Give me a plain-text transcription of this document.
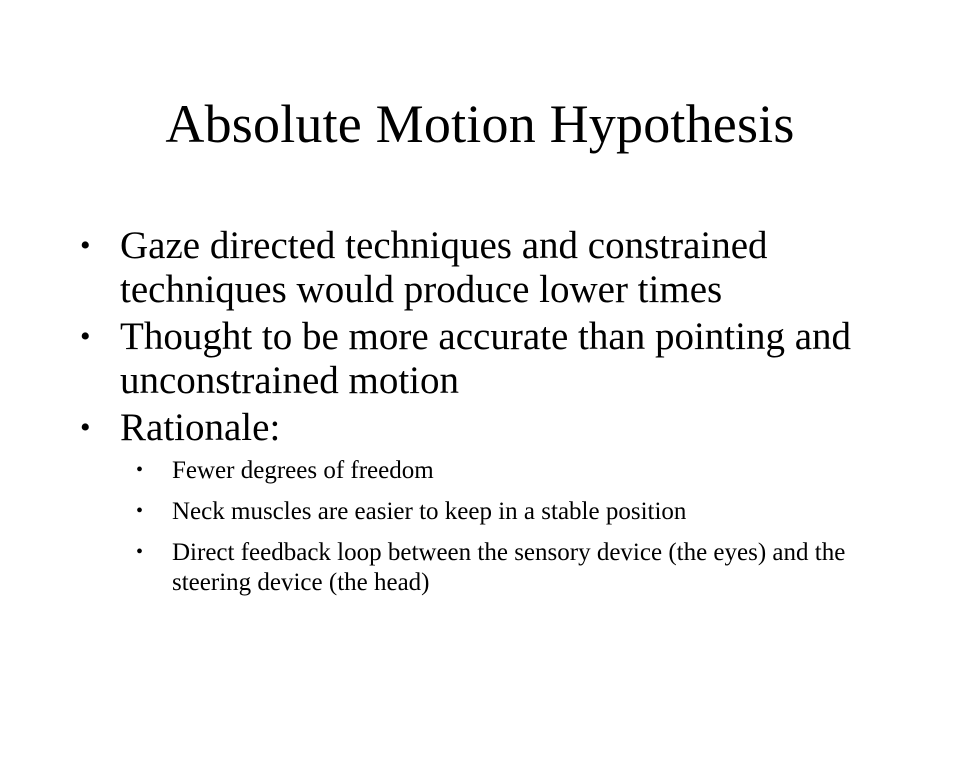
Absolute Motion Hypothesis
• Gaze directed techniques and constrained techniques would produce lower times
• Thought to be more accurate than pointing and unconstrained motion
• Rationale:
• Fewer degrees of freedom
• Neck muscles are easier to keep in a stable position
• Direct feedback loop between the sensory device (the eyes) and the steering device (the head)
